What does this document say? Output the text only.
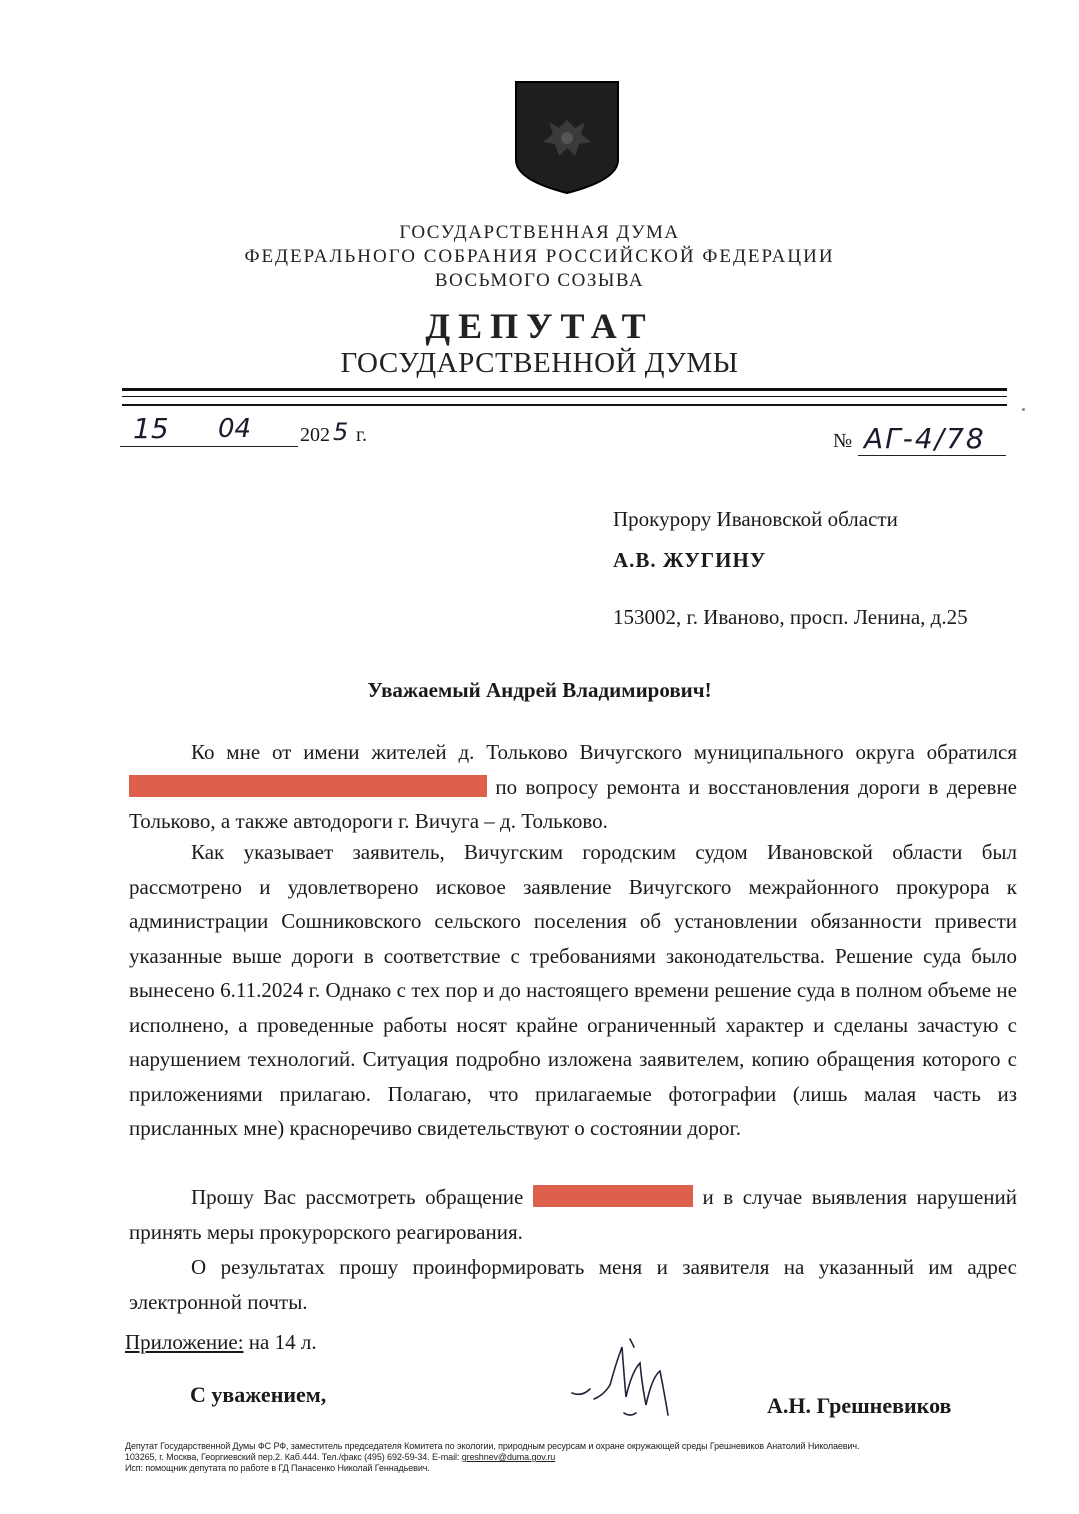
ГОСУДАРСТВЕННАЯ ДУМА
ФЕДЕРАЛЬНОГО СОБРАНИЯ РОССИЙСКОЙ ФЕДЕРАЦИИ
ВОСЬМОГО СОЗЫВА
ДЕПУТАТ
ГОСУДАРСТВЕННОЙ ДУМЫ
15 04 202 5 г.	№ АГ-4/78
Прокурору Ивановской области
А.В. ЖУГИНУ
153002, г. Иваново, просп. Ленина, д.25
Уважаемый Андрей Владимирович!
Ко мне от имени жителей д. Тольково Вичугского муниципального округа обратился  по вопросу ремонта и восстановления дороги в деревне Тольково, а также автодороги г. Вичуга – д. Тольково.
Как указывает заявитель, Вичугским городским судом Ивановской области был рассмотрено и удовлетворено исковое заявление Вичугского межрайонного прокурора к администрации Сошниковского сельского поселения об установлении обязанности привести указанные выше дороги в соответствие с требованиями законодательства. Решение суда было вынесено 6.11.2024 г. Однако с тех пор и до настоящего времени решение суда в полном объеме не исполнено, а проведенные работы носят крайне ограниченный характер и сделаны зачастую с нарушением технологий. Ситуация подробно изложена заявителем, копию обращения которого с приложениями прилагаю. Полагаю, что прилагаемые фотографии (лишь малая часть из присланных мне) красноречиво свидетельствуют о состоянии дорог.
Прошу Вас рассмотреть обращение	и в случае выявления нарушений принять меры прокурорского реагирования.
О результатах прошу проинформировать меня и заявителя на указанный им адрес электронной почты.
Приложение: на 14 л.
С уважением,	А.Н. Грешневиков
Депутат Государственной Думы ФС РФ, заместитель председателя Комитета по экологии, природным ресурсам и охране окружающей среды Грешневиков Анатолий Николаевич.
103265, г. Москва, Георгиевский пер.2. Каб.444. Тел./факс (495) 692-59-34. E-mail: greshnev@duma.gov.ru
Исп: помощник депутата по работе в ГД Панасенко Николай Геннадьевич.
